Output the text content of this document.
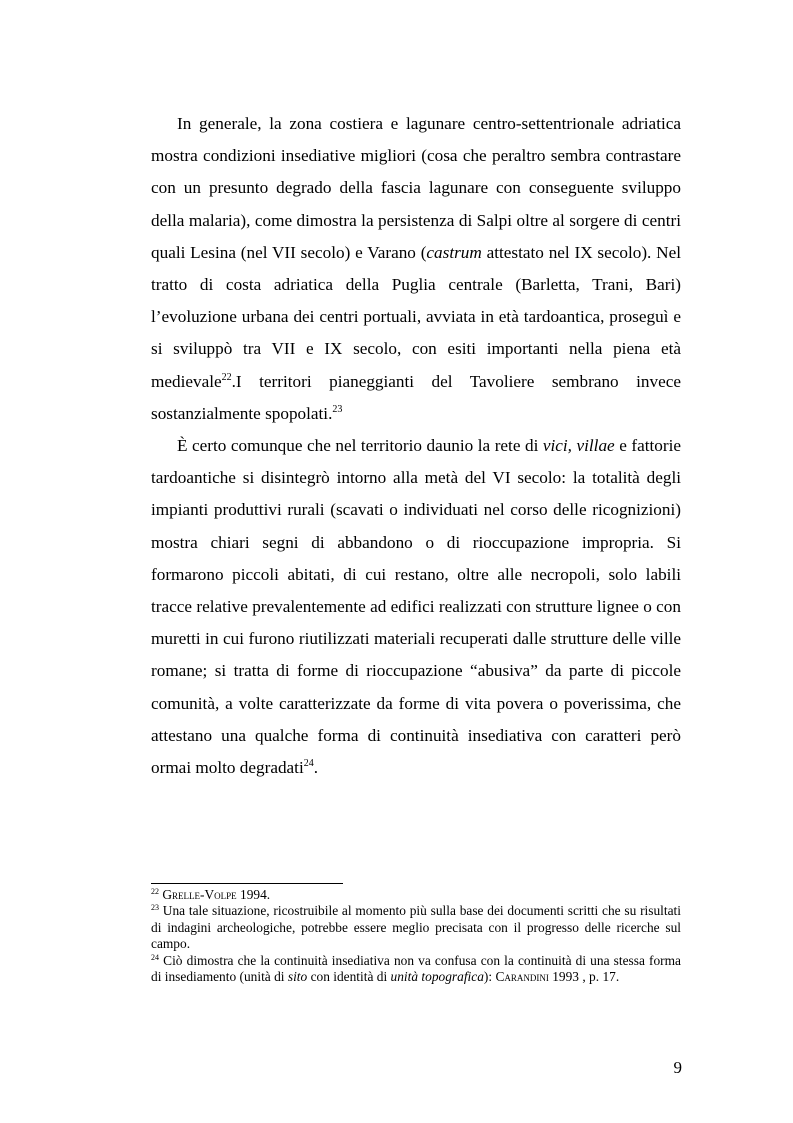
In generale, la zona costiera e lagunare centro-settentrionale adriatica mostra condizioni insediative migliori (cosa che peraltro sembra contrastare con un presunto degrado della fascia lagunare con conseguente sviluppo della malaria), come dimostra la persistenza di Salpi oltre al sorgere di centri quali Lesina (nel VII secolo) e Varano (castrum attestato nel IX secolo). Nel tratto di costa adriatica della Puglia centrale (Barletta, Trani, Bari) l’evoluzione urbana dei centri portuali, avviata in età tardoantica, proseguì e si sviluppò tra VII e IX secolo, con esiti importanti nella piena età medievale$^{22}$.I territori pianeggianti del Tavoliere sembrano invece sostanzialmente spopolati.$^{23}$

È certo comunque che nel territorio daunio la rete di vici, villae e fattorie tardoantiche si disintegrò intorno alla metà del VI secolo: la totalità degli impianti produttivi rurali (scavati o individuati nel corso delle ricognizioni) mostra chiari segni di abbandono o di rioccupazione impropria. Si formarono piccoli abitati, di cui restano, oltre alle necropoli, solo labili tracce relative prevalentemente ad edifici realizzati con strutture lignee o con muretti in cui furono riutilizzati materiali recuperati dalle strutture delle ville romane; si tratta di forme di rioccupazione “abusiva” da parte di piccole comunità, a volte caratterizzate da forme di vita povera o poverissima, che attestano una qualche forma di continuità insediativa con caratteri però ormai molto degradati$^{24}$.

$^{22}$ Grelle-Volpe 1994.

$^{23}$ Una tale situazione, ricostruibile al momento più sulla base dei documenti scritti che su risultati di indagini archeologiche, potrebbe essere meglio precisata con il progresso delle ricerche sul campo.

$^{24}$ Ciò dimostra che la continuità insediativa non va confusa con la continuità di una stessa forma di insediamento (unità di sito con identità di unità topografica): Carandini 1993 , p. 17.

9
